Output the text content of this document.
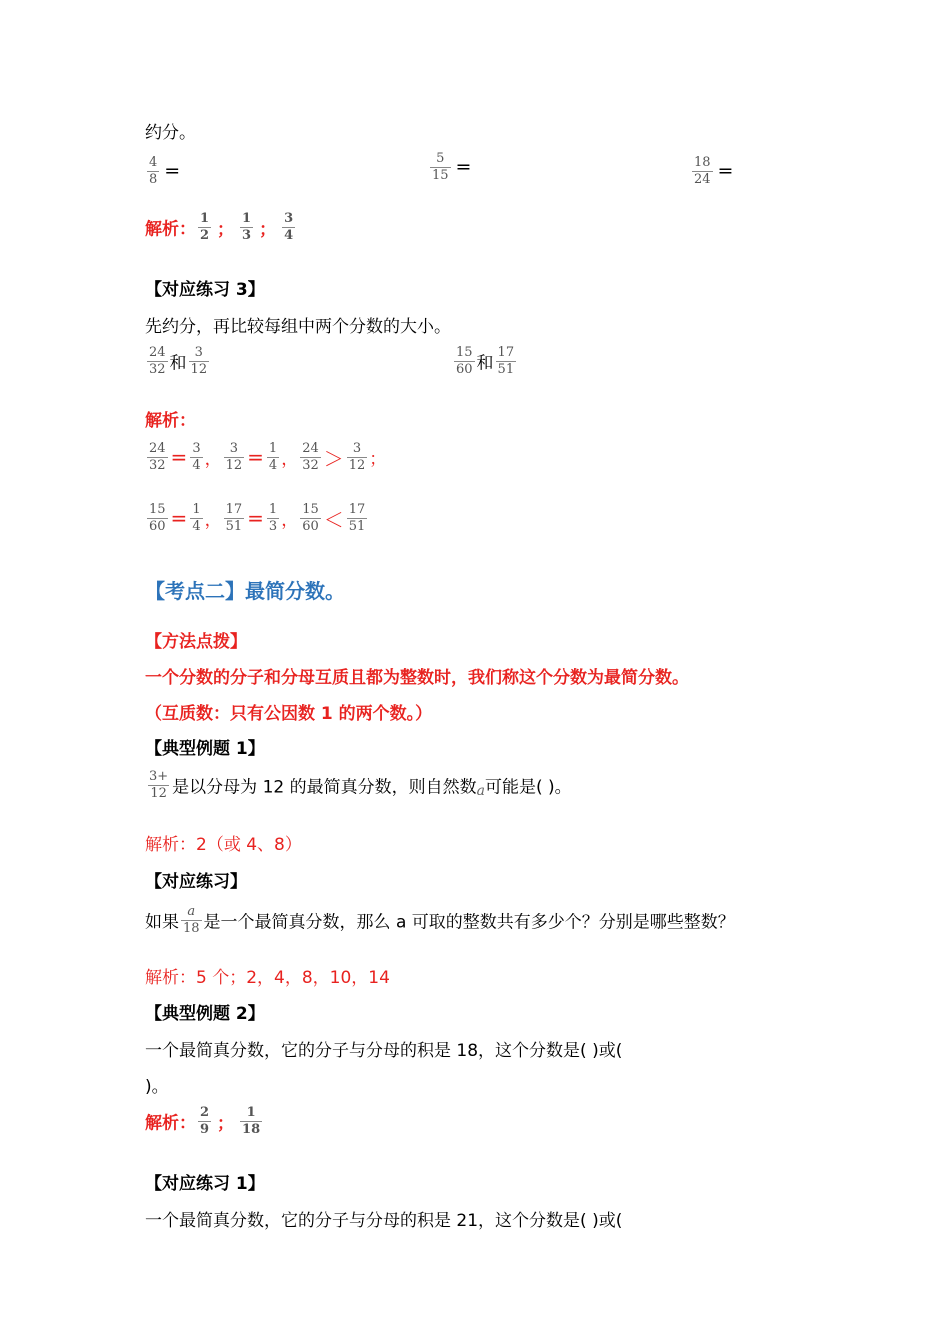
约分。
$\frac{4}{8}$ =	$\frac{5}{15}$ =	$\frac{18}{24}$ =
解析： $\frac{1}{2}$ ； $\frac{1}{3}$ ； $\frac{3}{4}$
【对应练习 3】
先约分，再比较每组中两个分数的大小。
$\frac{24}{32}$ 和 $\frac{3}{12}$	$\frac{15}{60}$ 和 $\frac{17}{51}$
解析：
$\frac{24}{32} = \frac{3}{4}$ ， $\frac{3}{12} = \frac{1}{4}$ ， $\frac{24}{32} > \frac{3}{12}$ ；
$\frac{15}{60} = \frac{1}{4}$ ， $\frac{17}{51} = \frac{1}{3}$ ， $\frac{15}{60} < \frac{17}{51}$
【考点二】最简分数。
【方法点拨】
一个分数的分子和分母互质且都为整数时，我们称这个分数为最简分数。
（互质数：只有公因数 1 的两个数。）
【典型例题 1】
$\frac{3+}{12}$ 是以分母为 12 的最简真分数，则自然数$_a$可能是( )。
解析：2（或 4、8）
【对应练习】
如果 $\frac{a}{18}$ 是一个最简真分数，那么 a 可取的整数共有多少个？分别是哪些整数？
解析：5 个；2，4，8，10，14
【典型例题 2】
一个最简真分数，它的分子与分母的积是 18，这个分数是( )或(
)。
解析： $\frac{2}{9}$ ； $\frac{1}{18}$
【对应练习 1】
一个最简真分数，它的分子与分母的积是 21，这个分数是( )或(
